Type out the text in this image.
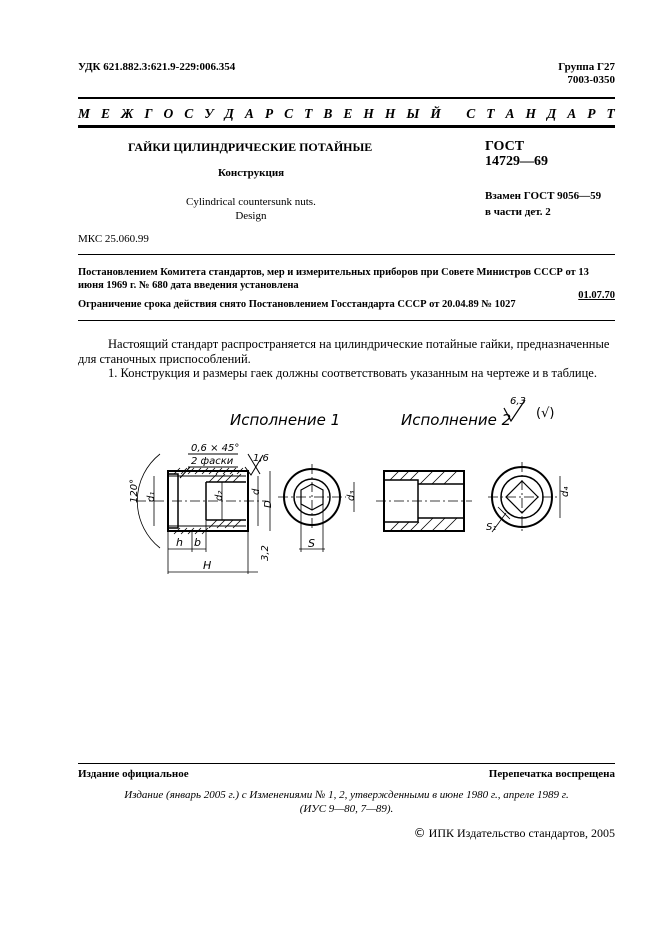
УДК 621.882.3:621.9-229:006.354	Группа Г27
7003-0350
М Е Ж Г О С У Д А Р С Т В Е Н Н Ы Й
С Т А Н Д А Р Т
ГАЙКИ ЦИЛИНДРИЧЕСКИЕ ПОТАЙНЫЕ
Конструкция
Cylindrical countersunk nuts.
Design
ГОСТ
14729—69
Взамен ГОСТ 9056—59
в части дет. 2
МКС 25.060.99
Постановлением Комитета стандартов, мер и измерительных приборов при Совете Министров СССР от 13 июня 1969 г. № 680 дата введения установлена
01.07.70
Ограничение срока действия снято Постановлением Госстандарта СССР от 20.04.89 № 1027
Настоящий стандарт распространяется на цилиндрические потайные гайки, предназначенные для станочных приспособлений.
1. Конструкция и размеры гаек должны соответствовать указанным на чертеже и в таблице.
Исполнение 1	Исполнение 2
6,3
(√)
0,6 × 45°
2 фаски 1,6
120° d₁	d₂	d
D
h b
H
3,2
S
d₃
S₁
d₄
Издание официальное	Перепечатка воспрещена
Издание (январь 2005 г.) с Изменениями № 1, 2, утвержденными в июне 1980 г., апреле 1989 г.
(ИУС 9—80, 7—89).
© ИПК Издательство стандартов, 2005
